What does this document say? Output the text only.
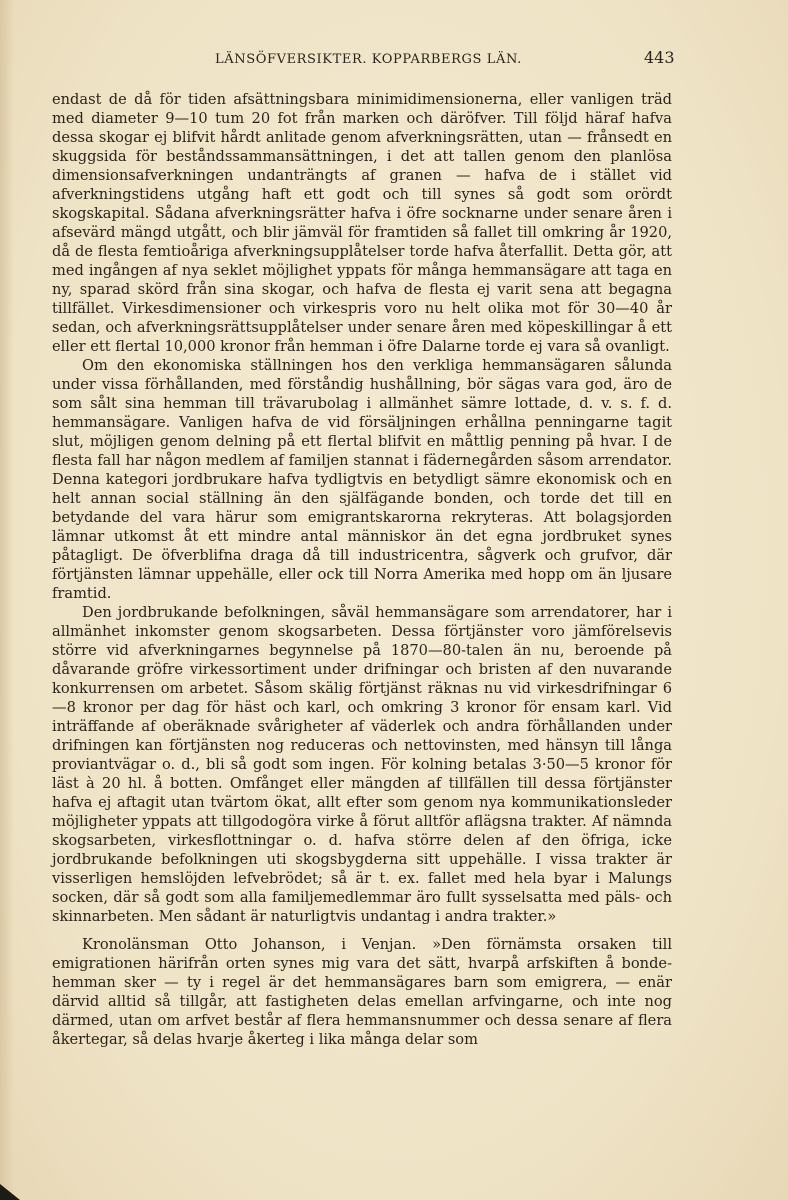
LÄNSÖFVERSIKTER. KOPPARBERGS LÄN.	443

endast de då för tiden afsättningsbara minimidimensionerna, eller vanligen träd med diameter 9—10 tum 20 fot från marken och däröfver. Till följd häraf hafva dessa skogar ej blifvit hårdt anlitade genom afverkningsrätten, utan — frånsedt en skuggsida för beståndssammansättningen, i det att tallen genom den planlösa dimensionsafverkningen undanträngts af granen — hafva de i stället vid afverkningstidens utgång haft ett godt och till synes så godt som orördt skogskapital. Sådana afverkningsrätter hafva i öfre socknarne under senare åren i afsevärd mängd utgått, och blir jämväl för framtiden så fallet till omkring år 1920, då de flesta femtioåriga afverkningsupplåtelser torde hafva återfallit. Detta gör, att med ingången af nya seklet möjlighet yppats för många hemmansägare att taga en ny, sparad skörd från sina skogar, och hafva de flesta ej varit sena att begagna tillfället. Virkesdimensioner och virkespris voro nu helt olika mot för 30—40 år sedan, och afverkningsrättsupplåtelser under senare åren med köpeskillingar å ett eller ett flertal 10,000 kronor från hemman i öfre Dalarne torde ej vara så ovanligt.

Om den ekonomiska ställningen hos den verkliga hemmansägaren sålunda under vissa förhållanden, med förståndig hushållning, bör sägas vara god, äro de som sålt sina hemman till trävarubolag i allmänhet sämre lottade, d. v. s. f. d. hemmansägare. Vanligen hafva de vid försäljningen erhållna penningarne tagit slut, möjligen genom delning på ett flertal blifvit en måttlig penning på hvar. I de flesta fall har någon medlem af familjen stannat i fädernegården såsom arrendator. Denna kategori jordbrukare hafva tydligtvis en betydligt sämre ekonomisk och en helt annan social ställning än den själfägande bonden, och torde det till en betydande del vara härur som emigrantskarorna rekryteras. Att bolagsjorden lämnar utkomst åt ett mindre antal människor än det egna jordbruket synes påtagligt. De öfverblifna draga då till industricentra, sågverk och grufvor, där förtjänsten lämnar uppehälle, eller ock till Norra Amerika med hopp om än ljusare framtid.

Den jordbrukande befolkningen, såväl hemmansägare som arrendatorer, har i allmänhet inkomster genom skogsarbeten. Dessa förtjänster voro jämförelsevis större vid afverkningarnes begynnelse på 1870—80-talen än nu, beroende på dåvarande gröfre virkessortiment under drifningar och bristen af den nuvarande konkurrensen om arbetet. Såsom skälig förtjänst räknas nu vid virkesdrifningar 6—8 kronor per dag för häst och karl, och omkring 3 kronor för ensam karl. Vid inträffande af oberäknade svårigheter af väderlek och andra förhållanden under drifningen kan förtjänsten nog reduceras och nettovinsten, med hänsyn till långa proviantvägar o. d., bli så godt som ingen. För kolning betalas 3·50—5 kronor för läst à 20 hl. å botten. Omfånget eller mängden af tillfällen till dessa förtjänster hafva ej aftagit utan tvärtom ökat, allt efter som genom nya kommunikationsleder möjligheter yppats att tillgodogöra virke å förut alltför aflägsna trakter. Af nämnda skogsarbeten, virkesflottningar o. d. hafva större delen af den öfriga, icke jordbrukande befolkningen uti skogsbygderna sitt uppehälle. I vissa trakter är visserligen hemslöjden lefvebrödet; så är t. ex. fallet med hela byar i Malungs socken, där så godt som alla familjemedlemmar äro fullt sysselsatta med päls- och skinnarbeten. Men sådant är naturligtvis undantag i andra trakter.»

Kronolänsman Otto Johanson, i Venjan. »Den förnämsta orsaken till emigrationen härifrån orten synes mig vara det sätt, hvarpå arfskiften å bondehemman sker — ty i regel är det hemmansägares barn som emigrera, — enär därvid alltid så tillgår, att fastigheten delas emellan arfvingarne, och inte nog därmed, utan om arfvet består af flera hemmansnummer och dessa senare af flera åkertegar, så delas hvarje åkerteg i lika många delar som
